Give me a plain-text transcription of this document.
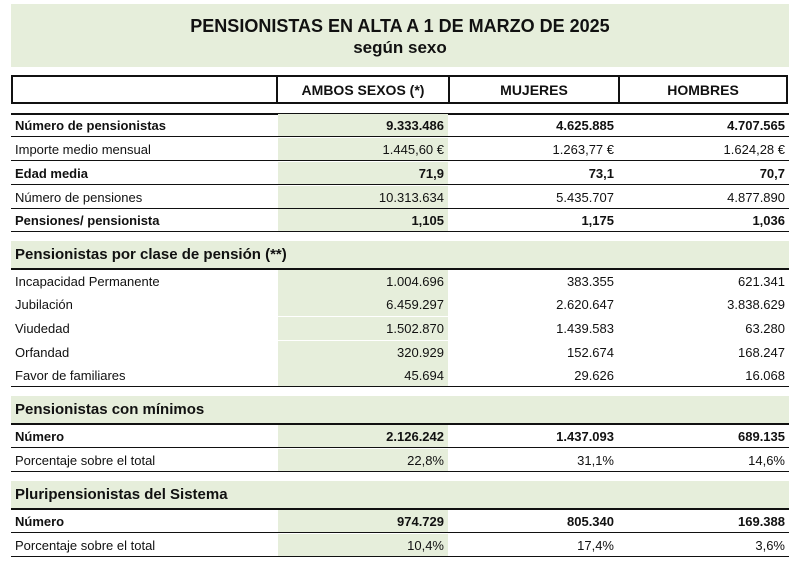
PENSIONISTAS EN ALTA A 1 DE MARZO DE 2025
según sexo
AMBOS SEXOS (*)	MUJERES	HOMBRES
Número de pensionistas	9.333.486	4.625.885	4.707.565
Importe medio mensual	1.445,60 €	1.263,77 €	1.624,28 €
Edad media	71,9	73,1	70,7
Número de pensiones	10.313.634	5.435.707	4.877.890
Pensiones/ pensionista	1,105	1,175	1,036
Pensionistas por clase de pensión (**)
Incapacidad Permanente	1.004.696	383.355	621.341
Jubilación	6.459.297	2.620.647	3.838.629
Viudedad	1.502.870	1.439.583	63.280
Orfandad	320.929	152.674	168.247
Favor de familiares	45.694	29.626	16.068
Pensionistas con mínimos
Número	2.126.242	1.437.093	689.135
Porcentaje sobre el total	22,8%	31,1%	14,6%
Pluripensionistas del Sistema
Número	974.729	805.340	169.388
Porcentaje sobre el total	10,4%	17,4%	3,6%
